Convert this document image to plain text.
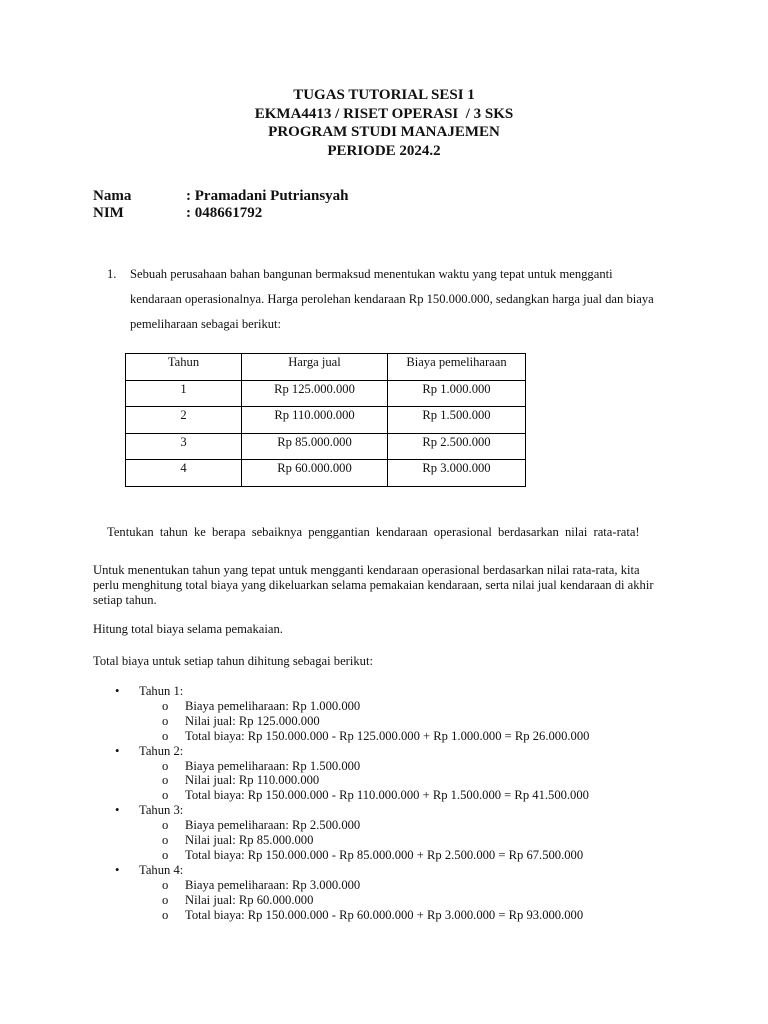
TUGAS TUTORIAL SESI 1
EKMA4413 / RISET OPERASI  / 3 SKS
PROGRAM STUDI MANAJEMEN
PERIODE 2024.2
Nama	: Pramadani Putriansyah
NIM	: 048661792
1. Sebuah perusahaan bahan bangunan bermaksud menentukan waktu yang tepat untuk mengganti
kendaraan operasionalnya. Harga perolehan kendaraan Rp 150.000.000, sedangkan harga jual dan biaya
pemeliharaan sebagai berikut:
Tahun	Harga jual	Biaya pemeliharaan
1	Rp 125.000.000	Rp 1.000.000
2	Rp 110.000.000	Rp 1.500.000
3	Rp 85.000.000	Rp 2.500.000
4	Rp 60.000.000	Rp 3.000.000
Tentukan tahun ke berapa sebaiknya penggantian kendaraan operasional berdasarkan nilai rata-rata!
Untuk menentukan tahun yang tepat untuk mengganti kendaraan operasional berdasarkan nilai rata-rata, kita
perlu menghitung total biaya yang dikeluarkan selama pemakaian kendaraan, serta nilai jual kendaraan di akhir
setiap tahun.
Hitung total biaya selama pemakaian.
Total biaya untuk setiap tahun dihitung sebagai berikut:
• Tahun 1:
o Biaya pemeliharaan: Rp 1.000.000
o Nilai jual: Rp 125.000.000
o Total biaya: Rp 150.000.000 - Rp 125.000.000 + Rp 1.000.000 = Rp 26.000.000
• Tahun 2:
o Biaya pemeliharaan: Rp 1.500.000
o Nilai jual: Rp 110.000.000
o Total biaya: Rp 150.000.000 - Rp 110.000.000 + Rp 1.500.000 = Rp 41.500.000
• Tahun 3:
o Biaya pemeliharaan: Rp 2.500.000
o Nilai jual: Rp 85.000.000
o Total biaya: Rp 150.000.000 - Rp 85.000.000 + Rp 2.500.000 = Rp 67.500.000
• Tahun 4:
o Biaya pemeliharaan: Rp 3.000.000
o Nilai jual: Rp 60.000.000
o Total biaya: Rp 150.000.000 - Rp 60.000.000 + Rp 3.000.000 = Rp 93.000.000
